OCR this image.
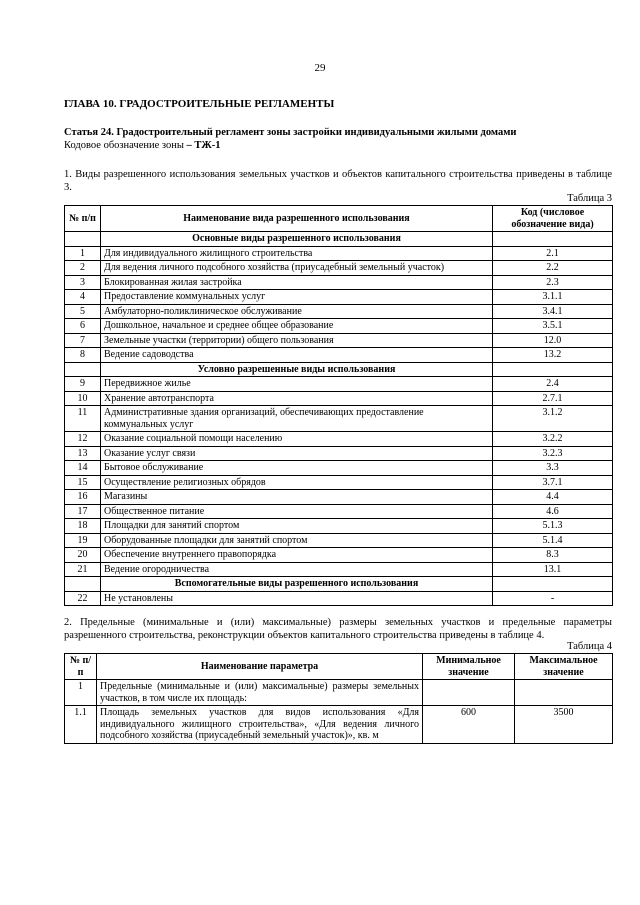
29
ГЛАВА 10. ГРАДОСТРОИТЕЛЬНЫЕ РЕГЛАМЕНТЫ
Статья 24. Градостроительный регламент зоны застройки индивидуальными жилыми домами
Кодовое обозначение зоны – ТЖ-1
1. Виды разрешенного использования земельных участков и объектов капитального строительства приведены в таблице 3.
Таблица 3
№ п/п	Наименование вида разрешенного использования	Код (числовое обозначение вида)
	Основные виды разрешенного использования	
1	Для индивидуального жилищного строительства	2.1
2	Для ведения личного подсобного хозяйства (приусадебный земельный участок)	2.2
3	Блокированная жилая застройка	2.3
4	Предоставление коммунальных услуг	3.1.1
5	Амбулаторно-поликлиническое обслуживание	3.4.1
6	Дошкольное, начальное и среднее общее образование	3.5.1
7	Земельные участки (территории) общего пользования	12.0
8	Ведение садоводства	13.2
	Условно разрешенные виды использования	
9	Передвижное жилье	2.4
10	Хранение автотранспорта	2.7.1
11	Административные здания организаций, обеспечивающих предоставление коммунальных услуг	3.1.2
12	Оказание социальной помощи населению	3.2.2
13	Оказание услуг связи	3.2.3
14	Бытовое обслуживание	3.3
15	Осуществление религиозных обрядов	3.7.1
16	Магазины	4.4
17	Общественное питание	4.6
18	Площадки для занятий спортом	5.1.3
19	Оборудованные площадки для занятий спортом	5.1.4
20	Обеспечение внутреннего правопорядка	8.3
21	Ведение огородничества	13.1
	Вспомогательные виды разрешенного использования	
22	Не установлены	-
2. Предельные (минимальные и (или) максимальные) размеры земельных участков и предельные параметры разрешенного строительства, реконструкции объектов капитального строительства приведены в таблице 4.
Таблица 4
№ п/п	Наименование параметра	Минимальное значение	Максимальное значение
1	Предельные (минимальные и (или) максимальные) размеры земельных участков, в том числе их площадь:		
1.1	Площадь земельных участков для видов использования «Для индивидуального жилищного строительства», «Для ведения личного подсобного хозяйства (приусадебный земельный участок)», кв. м	600	3500
